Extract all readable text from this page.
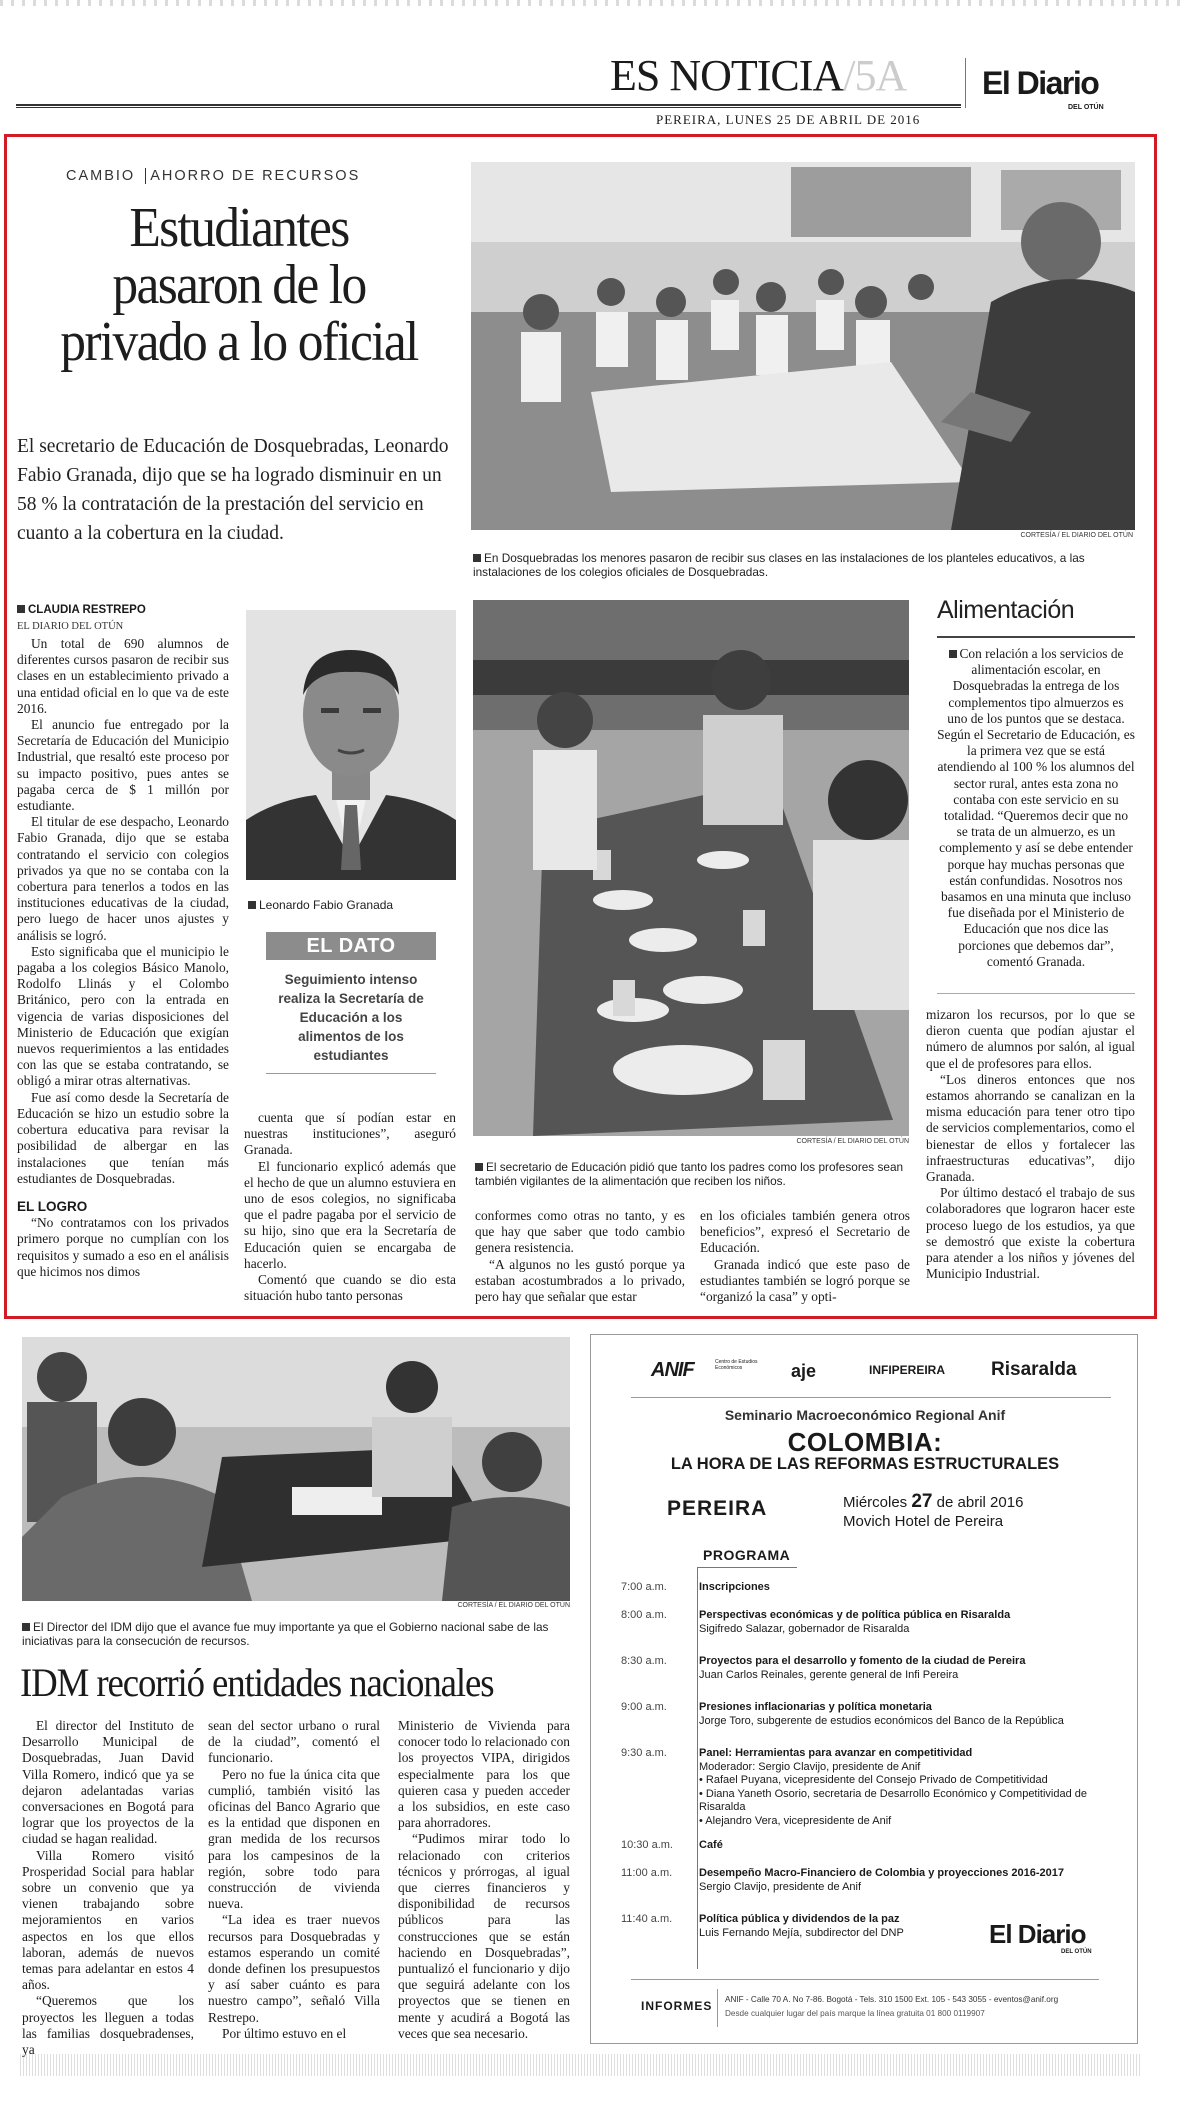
ES NOTICIA/5A El Diario
DEL OTÚN
PEREIRA, LUNES 25 DE ABRIL DE 2016
CAMBIO AHORRO DE RECURSOS
Estudiantes
pasaron de lo
privado a lo oficial
El secretario de Educación de Dosquebradas, Leonardo Fabio Granada, dijo que se ha logrado disminuir en un 58 % la contratación de la prestación del servicio en cuanto a la cobertura en la ciudad.
CLAUDIA RESTREPO
EL DIARIO DEL OTÚN

Un total de 690 alumnos de diferentes cursos pasaron de recibir sus clases en un establecimiento privado a una entidad oficial en lo que va de este 2016.

El anuncio fue entregado por la Secretaría de Educación del Municipio Industrial, que resaltó este proceso por su impacto positivo, pues antes se pagaba cerca de $ 1 millón por estudiante.

El titular de ese despacho, Leonardo Fabio Granada, dijo que se estaba contratando el servicio con colegios privados ya que no se contaba con la cobertura para tenerlos a todos en las instituciones educativas de la ciudad, pero luego de hacer unos ajustes y análisis se logró.

Esto significaba que el municipio le pagaba a los colegios Básico Manolo, Rodolfo Llinás y el Colombo Británico, pero con la entrada en vigencia de varias disposiciones del Ministerio de Educación que exigían nuevos requerimientos a las entidades con las que se estaba contratando, se obligó a mirar otras alternativas.

Fue así como desde la Secretaría de Educación se hizo un estudio sobre la cobertura educativa para revisar la posibilidad de albergar en las instalaciones que tenían más estudiantes de Dosquebradas.

EL LOGRO

“No contratamos con los privados primero porque no cumplían con los requisitos y sumado a eso en el análisis que hicimos nos dimos

Leonardo Fabio Granada
EL DATO
Seguimiento intenso realiza la Secretaría de Educación a los alimentos de los estudiantes

cuenta que sí podían estar en nuestras instituciones”, aseguró Granada.

El funcionario explicó además que el hecho de que un alumno estuviera en uno de esos colegios, no significaba que el padre pagaba por el servicio de su hijo, sino que era la Secretaría de Educación quien se encargaba de hacerlo.

Comentó que cuando se dio esta situación hubo tanto personas

CORTESÍA / EL DIARIO DEL OTÚN
En Dosquebradas los menores pasaron de recibir sus clases en las instalaciones de los planteles educativos, a las instalaciones de los colegios oficiales de Dosquebradas.
CORTESÍA / EL DIARIO DEL OTÚN
El secretario de Educación pidió que tanto los padres como los profesores sean también vigilantes de la alimentación que reciben los niños.

conformes como otras no tanto, y es que hay que saber que todo cambio genera resistencia.

“A algunos no les gustó porque ya estaban acostumbrados a lo privado, pero hay que señalar que estar

en los oficiales también genera otros beneficios”, expresó el Secretario de Educación.

Granada indicó que este paso de estudiantes también se logró porque se “organizó la casa” y opti-

Alimentación
Con relación a los servicios de alimentación escolar, en Dosquebradas la entrega de los complementos tipo almuerzos es uno de los puntos que se destaca. Según el Secretario de Educación, es la primera vez que se está atendiendo al 100 % los alumnos del sector rural, antes esta zona no contaba con este servicio en su totalidad. “Queremos decir que no se trata de un almuerzo, es un complemento y así se debe entender porque hay muchas personas que están confundidas. Nosotros nos basamos en una minuta que incluso fue diseñada por el Ministerio de Educación que nos dice las porciones que debemos dar”, comentó Granada.

mizaron los recursos, por lo que se dieron cuenta que podían ajustar el número de alumnos por salón, al igual que el de profesores para ellos.

“Los dineros entonces que nos estamos ahorrando se canalizan en la misma educación para tener otro tipo de servicios complementarios, como el bienestar de ellos y fortalecer las infraestructuras educativas”, dijo Granada.

Por último destacó el trabajo de sus colaboradores que lograron hacer este proceso luego de los estudios, ya que se demostró que existe la cobertura para atender a los niños y jóvenes del Municipio Industrial.

CORTESÍA / EL DIARIO DEL OTÚN
El Director del IDM dijo que el avance fue muy importante ya que el Gobierno nacional sabe de las iniciativas para la consecución de recursos.
IDM recorrió entidades nacionales

El director del Instituto de Desarrollo Municipal de Dosquebradas, Juan David Villa Romero, indicó que ya se dejaron adelantadas varias conversaciones en Bogotá para lograr que los proyectos de la ciudad se hagan realidad.

Villa Romero visitó Prosperidad Social para hablar sobre un convenio que ya vienen trabajando sobre mejoramientos en varios aspectos en los que ellos laboran, además de nuevos temas para adelantar en estos 4 años.

“Queremos que los proyectos les lleguen a todas las familias dosquebradenses, ya

sean del sector urbano o rural de la ciudad”, comentó el funcionario.

Pero no fue la única cita que cumplió, también visitó las oficinas del Banco Agrario que es la entidad que disponen en gran medida de los recursos para los campesinos de la región, sobre todo para construcción de vivienda nueva.

“La idea es traer nuevos recursos para Dosquebradas y estamos esperando un comité donde definen los presupuestos y así saber cuánto es para nuestro campo”, señaló Villa Restrepo.

Por último estuvo en el

Ministerio de Vivienda para conocer todo lo relacionado con los proyectos VIPA, dirigidos especialmente para los que quieren casa y pueden acceder a los subsidios, en este caso para ahorradores.

“Pudimos mirar todo lo relacionado con criterios técnicos y prórrogas, al igual que cierres financieros y disponibilidad de recursos públicos para las construcciones que se están haciendo en Dosquebradas”, puntualizó el funcionario y dijo que seguirá adelante con los proyectos que se tienen en mente y acudirá a Bogotá las veces que sea necesario.

ANIF	Centro de Estudios Económicos	aje	INFIPEREIRA Risaralda
Seminario Macroeconómico Regional Anif
COLOMBIA:
LA HORA DE LAS REFORMAS ESTRUCTURALES
PEREIRA	Miércoles 27 de abril 2016
Movich Hotel de Pereira
PROGRAMA
7:00 a.m.	Inscripciones
8:00 a.m.	Perspectivas económicas y de política pública en Risaralda
Sigifredo Salazar, gobernador de Risaralda
8:30 a.m.	Proyectos para el desarrollo y fomento de la ciudad de Pereira
Juan Carlos Reinales, gerente general de Infi Pereira
9:00 a.m.	Presiones inflacionarias y política monetaria
Jorge Toro, subgerente de estudios económicos del Banco de la República
9:30 a.m.	Panel: Herramientas para avanzar en competitividad
Moderador: Sergio Clavijo, presidente de Anif
• Rafael Puyana, vicepresidente del Consejo Privado de Competitividad
• Diana Yaneth Osorio, secretaria de Desarrollo Económico y Competitividad de Risaralda
• Alejandro Vera, vicepresidente de Anif
10:30 a.m.	Café
11:00 a.m.	Desempeño Macro-Financiero de Colombia y proyecciones 2016-2017
Sergio Clavijo, presidente de Anif
11:40 a.m.	Política pública y dividendos de la paz
Luis Fernando Mejía, subdirector del DNP	El Diario
DEL OTÚN
INFORMES ANIF - Calle 70 A. No 7-86. Bogotá - Tels. 310 1500 Ext. 105 - 543 3055 - eventos@anif.org
Desde cualquier lugar del país marque la línea gratuita 01 800 0119907
